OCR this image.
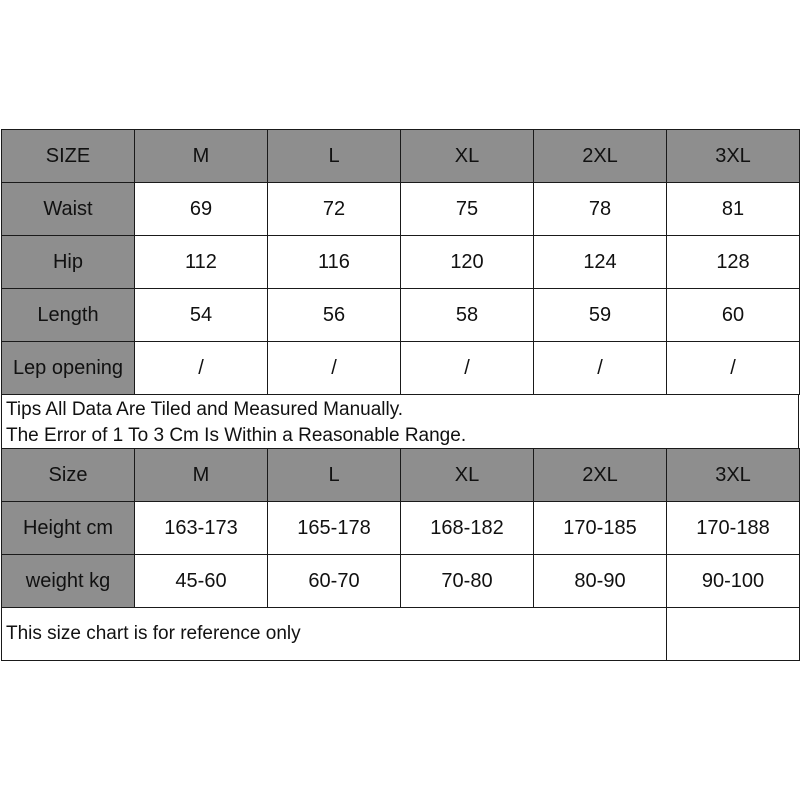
SIZE	M	L	XL	2XL	3XL
Waist	69	72	75	78	81
Hip	112	116	120	124	128
Length	54	56	58	59	60
Lep opening	/	/	/	/	/
Tips All Data Are Tiled and Measured Manually.
The Error of 1 To 3 Cm Is Within a Reasonable Range.
Size	M	L	XL	2XL	3XL
Height cm	163-173	165-178	168-182	170-185	170-188
weight kg	45-60	60-70	70-80	80-90	90-100
This size chart is for reference only					
